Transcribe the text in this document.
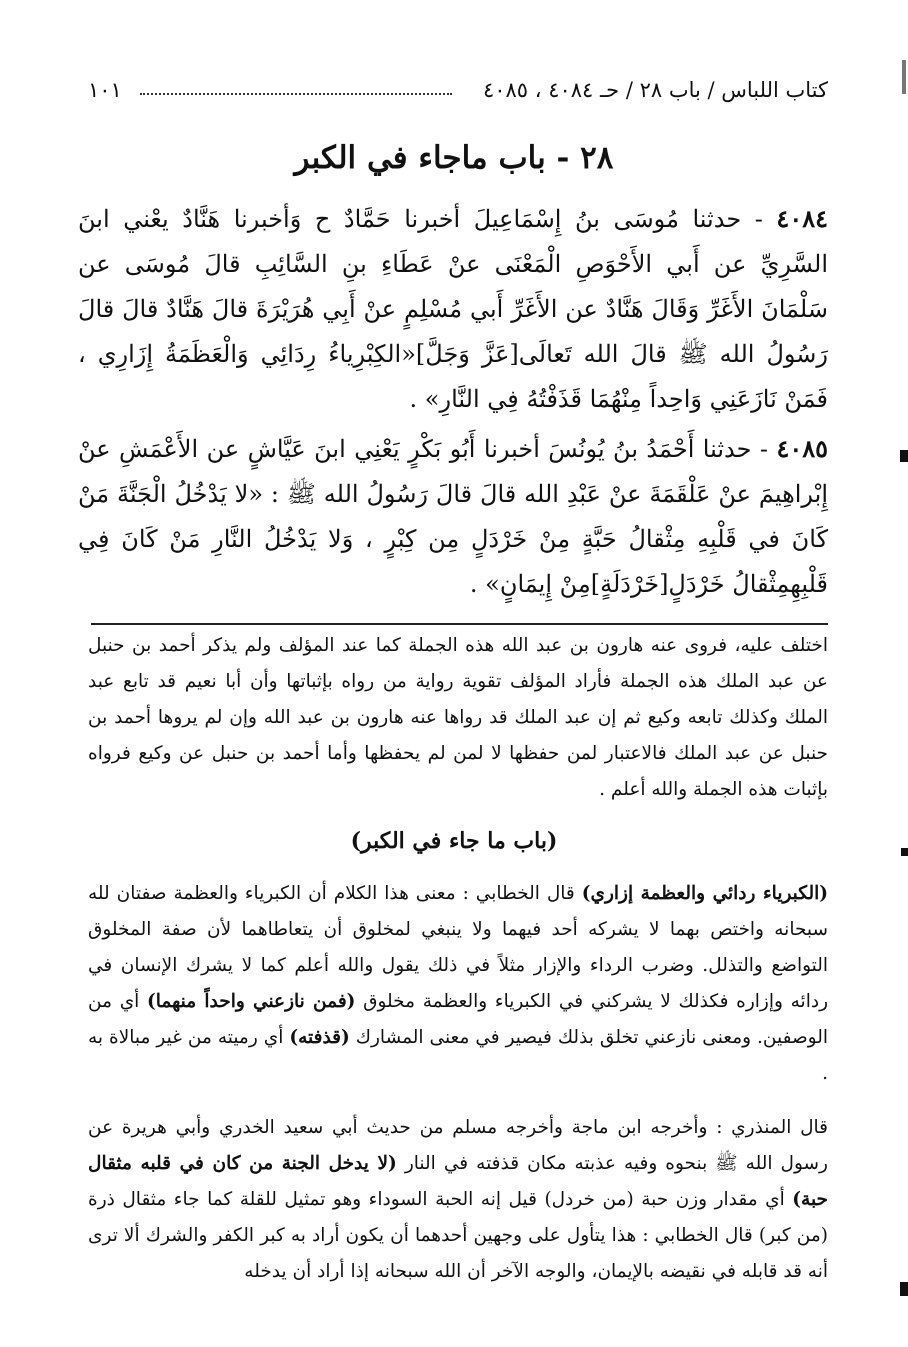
كتاب اللباس / باب ٢٨ / حـ ٤٠٨٤ ، ٤٠٨٥
١٠١
٢٨ - باب ماجاء في الكبر
٤٠٨٤ - حدثنا مُوسَى بنُ إِسْمَاعِيلَ أخبرنا حَمَّادٌ ح وَأخبرنا هَنَّادٌ يعْني ابنَ السَّرِيِّ عن أَبي الأَحْوَصِ الْمَعْنَى عنْ عَطَاءِ بنِ السَّائِبِ قالَ مُوسَى عن سَلْمَانَ الأَغَرِّ وَقَالَ هَنَّادٌ عن الأَغَرِّ أَبي مُسْلِمٍ عنْ أَبِي هُرَيْرَةَ قالَ هَنَّادٌ قالَ قالَ رَسُولُ الله ﷺ قالَ الله تَعالَى[عَزَّ وَجَلَّ]«الكِبْرِياءُ رِدَائِي وَالْعَظَمَةُ إِزَارِي ، فَمَنْ نَازَعَنِي وَاحِداً مِنْهُمَا قَذَفْتُهُ فِي النَّارِ» .
٤٠٨٥ - حدثنا أَحْمَدُ بنُ يُونُسَ أخبرنا أَبُو بَكْرٍ يَعْنِي ابنَ عَيَّاشٍ عن الأَعْمَشِ عنْ إِبْراهِيمَ عنْ عَلْقَمَةَ عنْ عَبْدِ الله قالَ قالَ رَسُولُ الله ﷺ : «لا يَدْخُلُ الْجَنَّةَ مَنْ كَانَ في قَلْبِهِ مِثْقالُ حَبَّةٍ مِنْ خَرْدَلٍ مِن كِبْرٍ ، وَلا يَدْخُلُ النَّارِ مَنْ كَانَ فِي قَلْبِهِمِثْقالُ خَرْدَلٍ[خَرْدَلَةٍ]مِنْ إِيمَانٍ» .
اختلف عليه، فروى عنه هارون بن عبد الله هذه الجملة كما عند المؤلف ولم يذكر أحمد بن حنبل عن عبد الملك هذه الجملة فأراد المؤلف تقوية رواية من رواه بإثباتها وأن أبا نعيم قد تابع عبد الملك وكذلك تابعه وكيع ثم إن عبد الملك قد رواها عنه هارون بن عبد الله وإن لم يروها أحمد بن حنبل عن عبد الملك فالاعتبار لمن حفظها لا لمن لم يحفظها وأما أحمد بن حنبل عن وكيع فرواه بإثبات هذه الجملة والله أعلم .
(باب ما جاء في الكبر)
(الكبرياء ردائي والعظمة إزاري) قال الخطابي : معنى هذا الكلام أن الكبرياء والعظمة صفتان لله سبحانه واختص بهما لا يشركه أحد فيهما ولا ينبغي لمخلوق أن يتعاطاهما لأن صفة المخلوق التواضع والتذلل. وضرب الرداء والإزار مثلاً في ذلك يقول والله أعلم كما لا يشرك الإنسان في ردائه وإزاره فكذلك لا يشركني في الكبرياء والعظمة مخلوق (فمن نازعني واحداً منهما) أي من الوصفين. ومعنى نازعني تخلق بذلك فيصير في معنى المشارك (قذفته) أي رميته من غير مبالاة به .
قال المنذري : وأخرجه ابن ماجة وأخرجه مسلم من حديث أبي سعيد الخدري وأبي هريرة عن رسول الله ﷺ بنحوه وفيه عذبته مكان قذفته في النار (لا يدخل الجنة من كان في قلبه مثقال حبة) أي مقدار وزن حبة (من خردل) قيل إنه الحبة السوداء وهو تمثيل للقلة كما جاء مثقال ذرة (من كبر) قال الخطابي : هذا يتأول على وجهين أحدهما أن يكون أراد به كبر الكفر والشرك ألا ترى أنه قد قابله في نقيضه بالإيمان، والوجه الآخر أن الله سبحانه إذا أراد أن يدخله
